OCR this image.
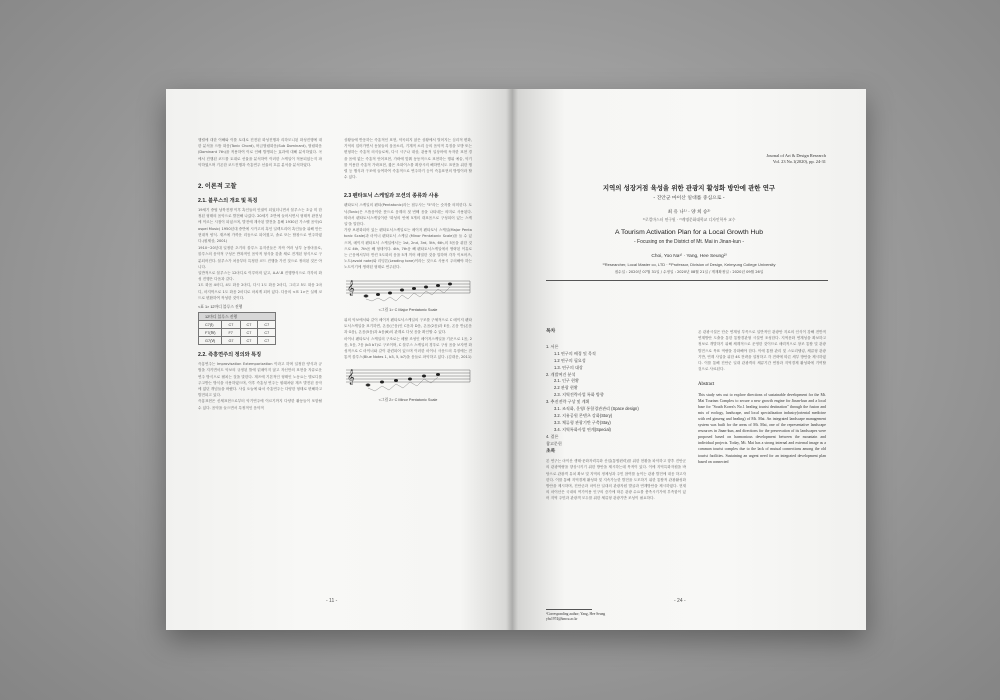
행렬에 대한 이해와 이를 토대로 진전된 화성진행과 리하모니된 화성진행에 대한 분석을 으뜸 화음(Tonic Chord), 버금딸림화음(Sub Dominant), 딸림화음(Dominant 7th)을 적용하여 이로 인해 발생되는 효과에 대해 분석하였다. 곡에서 진행된 코드를 토대로 선율을 분석하여 이러한 스케일이 적용되었는지 파악하였으며 기존한 코드진행과 즉흥연주 선율의 흐름 분석을 분석하였다.
2. 이론적 고찰
2.1. 블루스의 개요 및 특징
19세기 중엽 남북전쟁 이후 흑인들의 인권이 되었더니면서 블루스는 초급 미 한정된 형태의 음악으로 발전해 나갔다. 20세기 초반에 들어서면서 형태적 완전성에 이르는 시점이 되었으며, 발전에 계속된 발전을 통해 1930년 가스펠 음악(Gospel Music) 1950년대 중반에 시카고의 흑인 일렉트리어 흑인들을 위해 만든 현대적 양식. 재즈에 가까운 리듬으로 되어졌고, 솔로 또는 합창으로 연주하였다.(원제상, 2001)
1910~20년대 일정한 초기의 블루스 뮤지션들은 자작 여러 남부 농장마을로, 블루스의 음악적 구성은 반복적인 음악적 형식을 갖춘 채로 전개된 형식으로 구분되어진다. 블루스가 처음부터 특정한 코드 진행을 가진 것으로 정의된 것은 아니다.
일반적으로 블루스는 12마디로 이루어져 있고, A-A'-B 진행방식으로 각각의 화성 진행은 다음과 같다.
1도 화음 4마디, 4도 화음 2마디, 다시 1도 화음 2마디, 그리고 5도 화음 2마디, 마지막으로 1도 화음 2마디로 마치게 되어 있다. 다음의 <표 1>은 실제 코드로 변환하여 작성한 것이다.
<표 1> 12마디 블루스 진행
12마디 블루스 진행			
C7(Ⅰ)	C7	C7	C7
F7(Ⅳ)	F7	C7	C7
G7(Ⅴ)	G7	C7	C7
2.2. 즉흥연주의 정의와 특징
즉흥연주는 Improvisation Extemporization 이라고 하며 일정한 양식과 규범을 지키면서도 악보의 규정된 틀에 얽매이지 않고 자신만의 표현을 자유로운 연주 방식으로 펼치는 것을 말한다. 재즈에 기본적인 형태인 노동요는 멜로디를 주고받는 방식을 사용하였으며, 이후 즉흥성 연주는 원래처럼 재즈 발전된 음악에 없던 개념들을 바꿨다. 사실 오늘에 와서 즉흥연주는 다양한 형태로 변해하고 발전되고 있다.
즉흥표현은 신체표현으로부터 악기연주에 이르기까지 다양한 활동들이 포함될 수 있다. 음악을 들으면서 특정적인 음악적
상황들에 반응하는 즉흥적인 표현, 악곡되지 않은 상황에서 벌어지는 심리적 변화, 기억의 업어가면서 동물들의 움음소리, 기계적 소리 등의 음악적 특징을 모방 또는 변형하는 즉흥적 의식들로써, 다시 시구나 대상, 관용적 일상어에 독자한 표현 경을 음에 없는 즉흥적 언어표현, 가락에 맞춰 동동적으로 표현하는 행위 예술, 악기를 이용한 즉흥적 가락표현, 짧은 조화이스를 확장시켜 해하면서도 표현을 위한 행렬 등 행식과 구조에 들여하여 즉흥적으로 연주하기 등이 즉흥표현의 방법이라 할 수 있다.
2.3 펜타토닉 스케일과 모션의 종류와 사용
펜타토닉 스케일의 펜타(Pentatonic)라는 접두사는 "5"라는 숫자를 의미한다. 토닉(Tonic)은 으뜸음이란 뜻으로 음계의 첫 번째 음을 나타내는 의미로 사용된다. 따라서 펜타토닉스케일이란 '화성의 안에 5개의 대표음으로 구성되어 있는 스케일'을 말한다.
가장 보편화되어 있는 펜타토닉스케일로는 메이저 펜타토닉 스케일(Major Pentatonic Scale)과 마이너 펜타토닉 스케일 (Minor Pentatonic Scale)을 들 수 있으며, 메이저 펜타토닉 스케일에서는 1st, 2nd, 3rd, 5th, 6th,의 5음을 취한 것으로 4th, 7th음 빼 형태이다. 4th, 7th음 빼 펜타토닉스케일에서 생략된 이유로는 근음에서부터 반진 5도화의 음을 5개 끼어 배열한 것을 말하며 각각 이보어즈, 노트(avoid note)와 리딩톤(Leading tone)이라는 것으로 사용시 주의해야 하는 노트이기에 생략된 형태로 연주된다.
𝄞
<그림 1> C Major Pentatonic Scale
위의 악보에서와 같이 메이저 펜타토닉스케일의 구조를 구체적으로 C 메이저 펜타토닉스케일을 표기하면, 온음(근음)인 C음과 D음, 온음(2음)과 E음, 온음 반(온음과 G음), 온음(5음)과 A음(6)의 관계로 다섯 음을 확인할 수 있다.
마이너 펜타토닉 스케일의 구조로는 메탈 조성인 메이저스케일을 기준으로 1음, 2음, 5음, 7음 (b3 b7)로 구조이며, C 블루스 스케일의 경우로 구성 음을 보자면 화성적으로 C 마이너와 같이 관련되어 있으며 이러한 마이너 사운드의 특징에는 전통적 블루스(Blue Notes 1, b3, 5, b7)을 음들로 파악하고 있다. (김대운, 2011)
𝄞
<그림 2> C Minor Pentatonic Scale
- 11 -
Journal of Art & Design Research
Vol. 23 No.1(2020), pp. 24-31
지역의 성장거점 육성을 위한 관광지 활성화 방안에 관한 연구
- 진안군 마이산 일대를 중심으로 -
최 유 나¹⁾ · 양 희 승²⁾
¹⁾로컬마스터 연구원 · ²⁾계명문화대학교 디자인학부 교수
A Tourism Activation Plan for a Local Growth Hub
- Focusing on the District of Mt. Mai in Jinan-kun -
Choi, Yoo Na¹⁾ · Yang, Hee Seung²⁾
¹⁾Researcher, Local Master co, LTD · ²⁾Professor, Division of Design, Keimyung College University
접수일 : 2020년 07월 31일 / 수정일 : 2020년 08월 21일 / 게재확정일 : 2020년 09월 26일
목차
1. 서론
1.1 연구의 배경 및 목적
1.2 연구의 필요성
1.3. 연구의 대상
2. 개발여건 분석
2.1. 인구 현황
2.2 관광 현황
2.3. 지역전략사업 특화 방향
3. 추진전략 구상 및 계획
3.1. 조직화, 운영/ 통합경관관리 (Space design)
3.2. 지유공원 콘텐츠 강화(Story)
3.3. 체류형 관광기반 구축(Stay)
3.4. 지역특화사업 연계(Special)
4. 결론
참고문헌
초록
본 연구는 마이산 생태·문화자력특화 산업(통합편력)를 위한 현황을 파악하고 향후 진안군의 관광역량을 향상시키기 위한 방안을 제시하는데 목적이 있다. 이에 지역특화자원을 바탕으로 관광객 유치 확보 및 지역의 정체성과 주민 참여를 높이는 관광 발전에 대응 하고자 한다. 이를 통해 지역경제 활성화 및 지속가능한 발전을 도모하기 위한 통합적 관광활성화 방안을 제시하며, 진안군과 마이산 일대의 관광자원 발굴과 연계방안을 제시하였다. 현재의 마이산은 국내외 여가이용 인구의 증가에 따른 관광 수요를 충족시키기에 부족함이 있어 지역 주민과 관광객 모두를 위한 체류형 관광기반 조성이 필요하다.
¹Corresponding author; Yang, Hee Seung
yhs1974@kmcu.ac.kr
존 관광시설은 단순 연계성 부족으로 일반적인 관광안 지로의 인식이 강해 전반적 연계방안 도출을 통한 통합경관형 시설연 조성한다. 지역문화 연계성을 확보하고 정보로 개발하기 위해 체계적으로 운영한 것이므로 매력적으로 창조 통합 및 관광 발전으로 목표 역량을 강화해야 한다. 이에 통합 관리 및 스토리텔링, 체류형 관광기반, 연계 사업을 위한 4S 전략을 설정하고 각 전략에 따른 세부 방안을 제시하였다. 이를 통해 진안군 일대 관광객의 체류기간 연장과 지역경제 활성화에 기여할 것으로 사료된다.
Abstract
This study sets out to explore directions of sustainable development for the Mt. Mai Tourism Complex to secure a new growth engine for Jinan-kun and a local base for "South Korea's No.1 healing tourist destination" through the fusion and mix of ecology, landscape, and local specialization industry(oriental medicine with red ginseng and healing) of Mt. Mai. An integrated landscape management system was built for the areas of Mt. Mai, one of the representative landscape resources in Jinan-kun, and directions for the preservation of its landscapes were proposed based on harmonious development between the mountain and individual projects. Today, Mt. Mai has a strong internal and external image as a common tourist complex due to the lack of mutual connections among the old tourist facilities. Sustaining an urgent need for an integrated development plan based on connected
- 24 -
